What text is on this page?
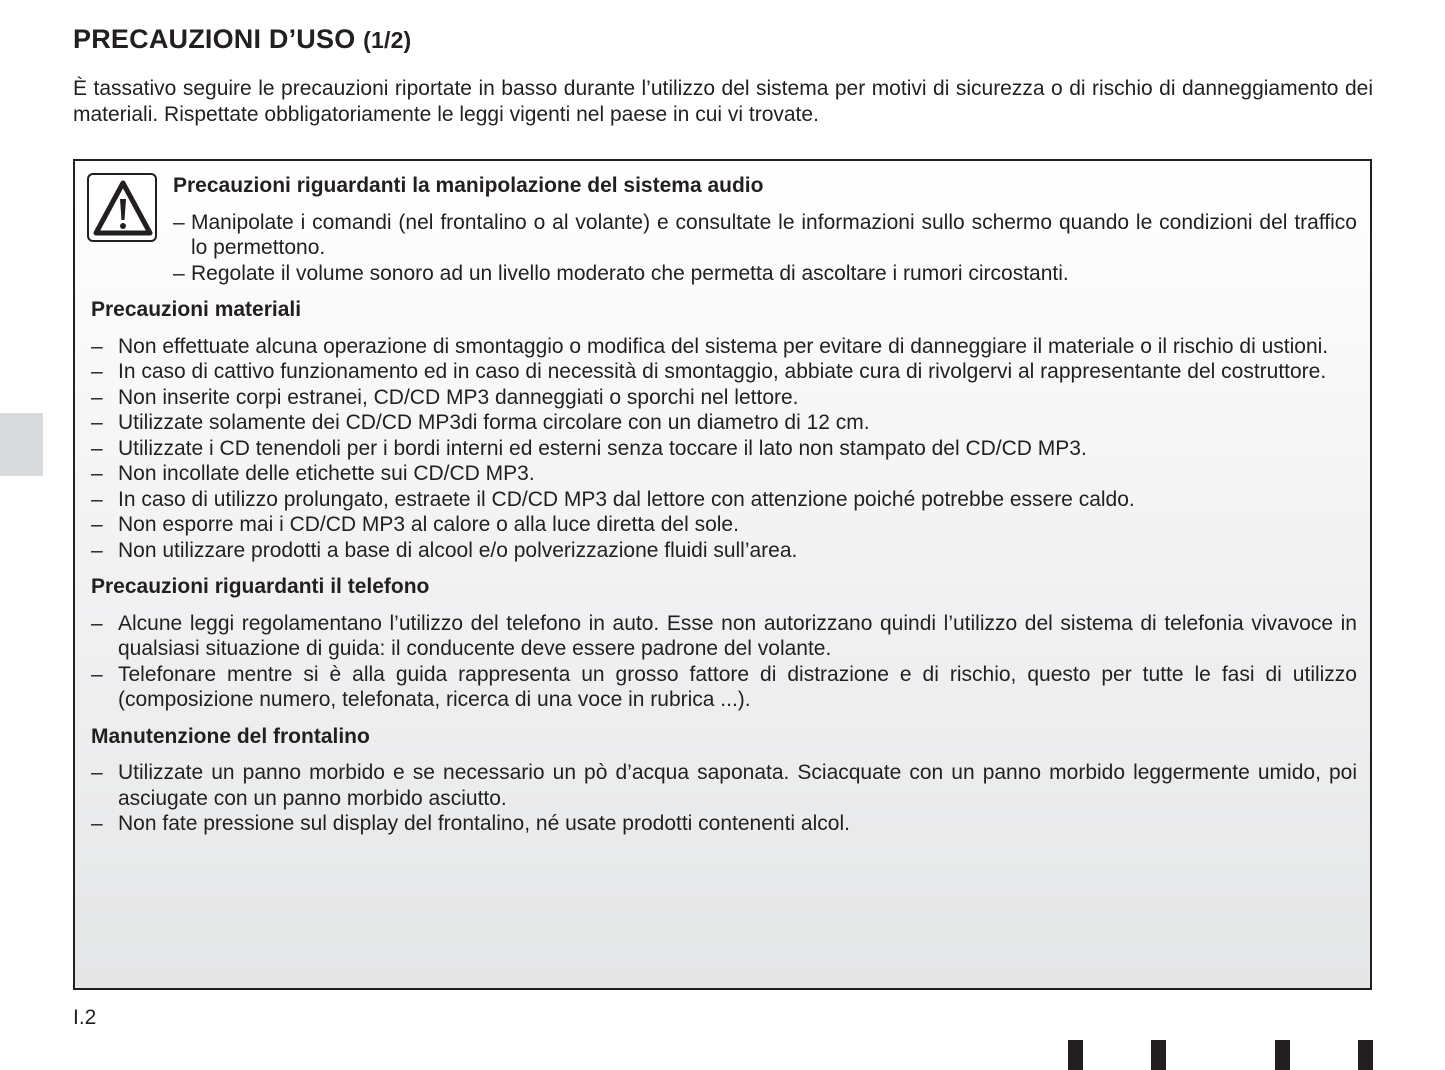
PRECAUZIONI D’USO (1/2)
È tassativo seguire le precauzioni riportate in basso durante l’utilizzo del sistema per motivi di sicurezza o di rischio di danneggiamento dei materiali. Rispettate obbligatoriamente le leggi vigenti nel paese in cui vi trovate.

Precauzioni riguardanti la manipolazione del sistema audio

– Manipolate i comandi (nel frontalino o al volante) e consultate le informazioni sullo schermo quando le condizioni del traffico lo permettono.
– Regolate il volume sonoro ad un livello moderato che permetta di ascoltare i rumori circostanti.

Precauzioni materiali

– Non effettuate alcuna operazione di smontaggio o modifica del sistema per evitare di danneggiare il materiale o il rischio di ustioni.
– In caso di cattivo funzionamento ed in caso di necessità di smontaggio, abbiate cura di rivolgervi al rappresentante del costruttore.
– Non inserite corpi estranei, CD/CD MP3 danneggiati o sporchi nel lettore.
– Utilizzate solamente dei CD/CD MP3di forma circolare con un diametro di 12 cm.
– Utilizzate i CD tenendoli per i bordi interni ed esterni senza toccare il lato non stampato del CD/CD MP3.
– Non incollate delle etichette sui CD/CD MP3.
– In caso di utilizzo prolungato, estraete il CD/CD MP3 dal lettore con attenzione poiché potrebbe essere caldo.
– Non esporre mai i CD/CD MP3 al calore o alla luce diretta del sole.
– Non utilizzare prodotti a base di alcool e/o polverizzazione fluidi sull’area.

Precauzioni riguardanti il telefono

– Alcune leggi regolamentano l’utilizzo del telefono in auto. Esse non autorizzano quindi l’utilizzo del sistema di telefonia vivavoce in qualsiasi situazione di guida: il conducente deve essere padrone del volante.
– Telefonare mentre si è alla guida rappresenta un grosso fattore di distrazione e di rischio, questo per tutte le fasi di utilizzo (composizione numero, telefonata, ricerca di una voce in rubrica ...).

Manutenzione del frontalino

– Utilizzate un panno morbido e se necessario un pò d’acqua saponata. Sciacquate con un panno morbido leggermente umido, poi asciugate con un panno morbido asciutto.
– Non fate pressione sul display del frontalino, né usate prodotti contenenti alcol.
I.2
